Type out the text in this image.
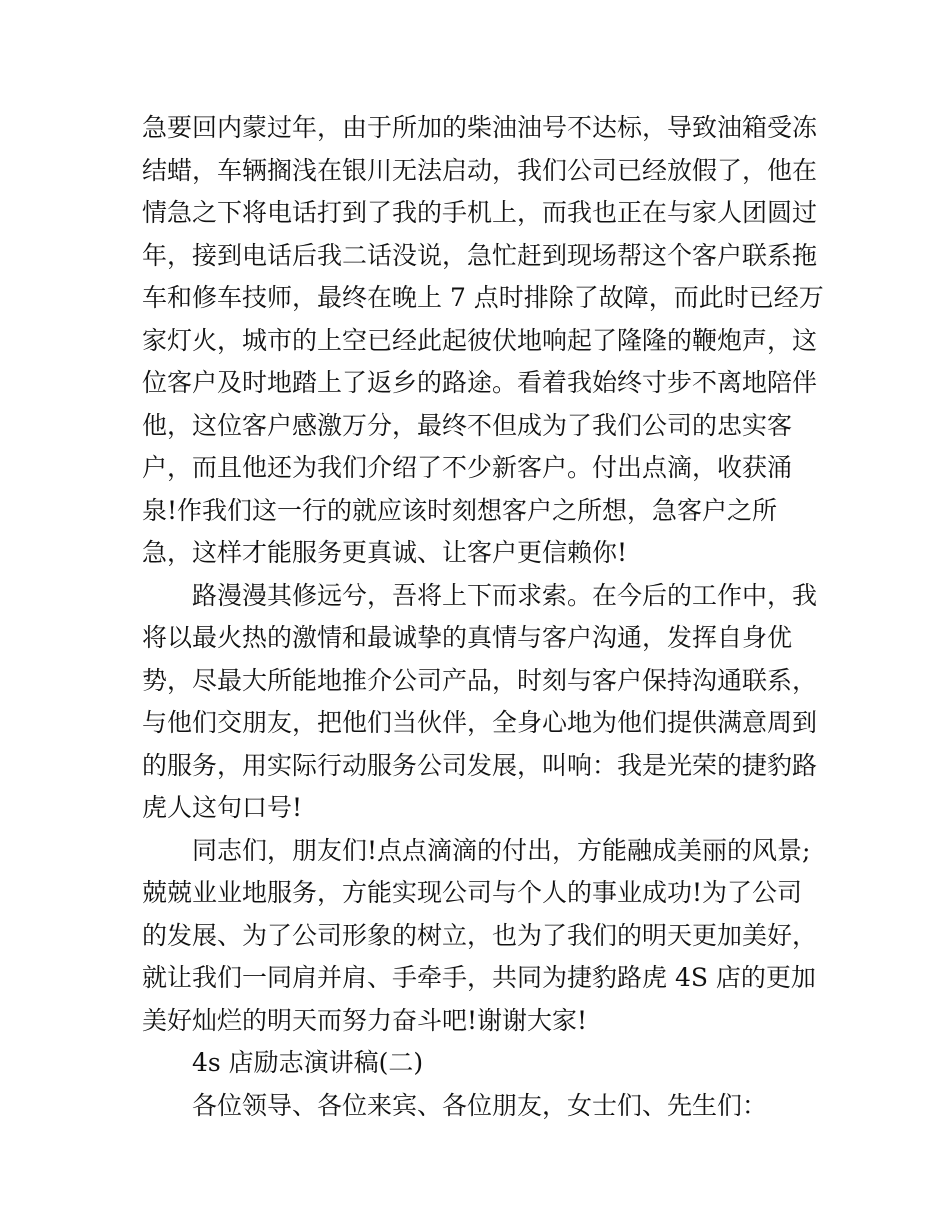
急要回内蒙过年，由于所加的柴油油号不达标，导致油箱受冻
结蜡，车辆搁浅在银川无法启动，我们公司已经放假了，他在
情急之下将电话打到了我的手机上，而我也正在与家人团圆过
年，接到电话后我二话没说，急忙赶到现场帮这个客户联系拖
车和修车技师，最终在晚上 7 点时排除了故障，而此时已经万
家灯火，城市的上空已经此起彼伏地响起了隆隆的鞭炮声，这
位客户及时地踏上了返乡的路途。看着我始终寸步不离地陪伴
他，这位客户感激万分，最终不但成为了我们公司的忠实客
户，而且他还为我们介绍了不少新客户。付出点滴，收获涌
泉!作我们这一行的就应该时刻想客户之所想，急客户之所
急，这样才能服务更真诚、让客户更信赖你!
路漫漫其修远兮，吾将上下而求索。在今后的工作中，我
将以最火热的激情和最诚挚的真情与客户沟通，发挥自身优
势，尽最大所能地推介公司产品，时刻与客户保持沟通联系，
与他们交朋友，把他们当伙伴，全身心地为他们提供满意周到
的服务，用实际行动服务公司发展，叫响：我是光荣的捷豹路
虎人这句口号!
同志们，朋友们!点点滴滴的付出，方能融成美丽的风景;
兢兢业业地服务，方能实现公司与个人的事业成功!为了公司
的发展、为了公司形象的树立，也为了我们的明天更加美好，
就让我们一同肩并肩、手牵手，共同为捷豹路虎 4S 店的更加
美好灿烂的明天而努力奋斗吧!谢谢大家!
4s 店励志演讲稿(二)
各位领导、各位来宾、各位朋友，女士们、先生们：
